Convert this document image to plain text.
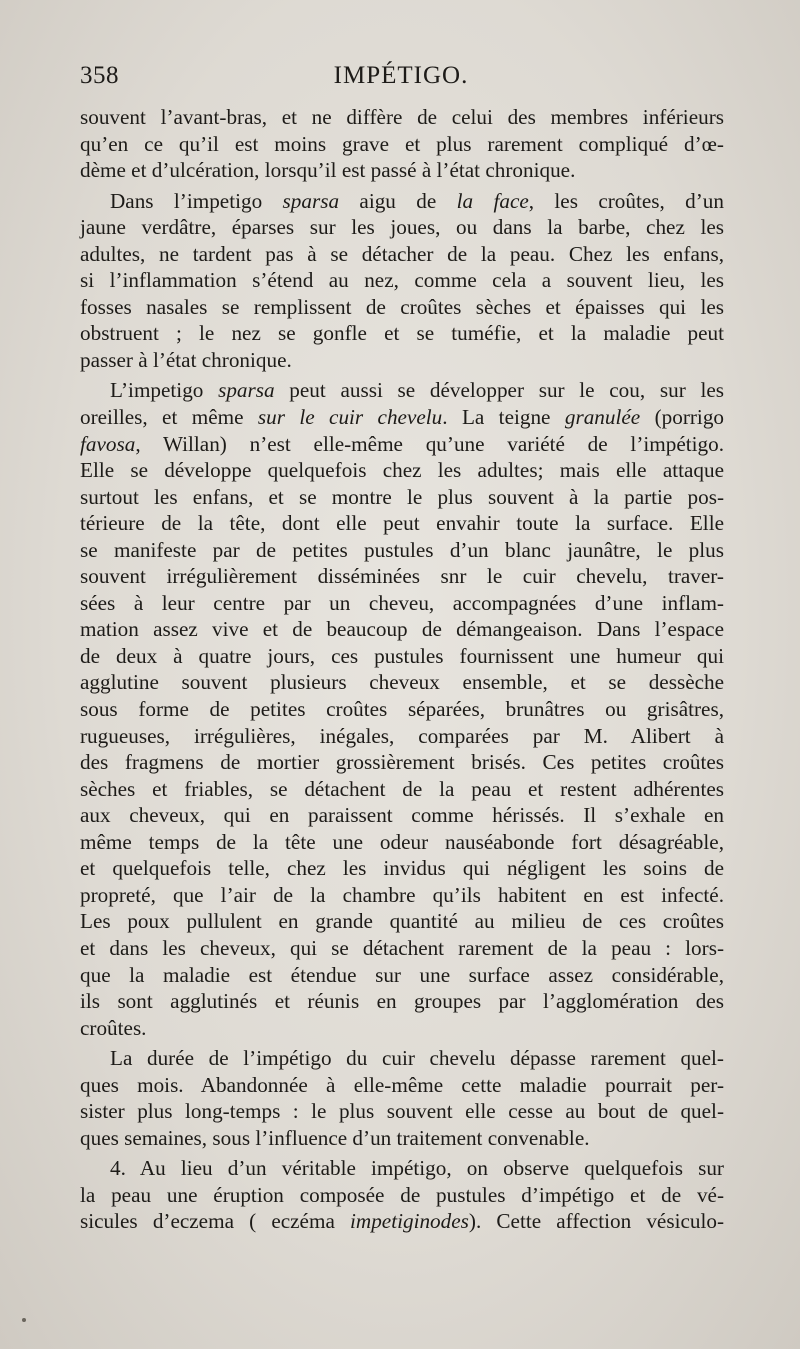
358	IMPÉTIGO.
souvent l’avant-bras, et ne diffère de celui des membres inférieurs
qu’en ce qu’il est moins grave et plus rarement compliqué d’œ-
dème et d’ulcération, lorsqu’il est passé à l’état chronique.
Dans l’impetigo sparsa aigu de la face, les croûtes, d’un
jaune verdâtre, éparses sur les joues, ou dans la barbe, chez les
adultes, ne tardent pas à se détacher de la peau. Chez les enfans,
si l’inflammation s’étend au nez, comme cela a souvent lieu, les
fosses nasales se remplissent de croûtes sèches et épaisses qui les
obstruent ; le nez se gonfle et se tuméfie, et la maladie peut
passer à l’état chronique.
L’impetigo sparsa peut aussi se développer sur le cou, sur les
oreilles, et même sur le cuir chevelu. La teigne granulée (porrigo
favosa, Willan) n’est elle-même qu’une variété de l’impétigo.
Elle se développe quelquefois chez les adultes; mais elle attaque
surtout les enfans, et se montre le plus souvent à la partie pos-
térieure de la tête, dont elle peut envahir toute la surface. Elle
se manifeste par de petites pustules d’un blanc jaunâtre, le plus
souvent irrégulièrement disséminées snr le cuir chevelu, traver-
sées à leur centre par un cheveu, accompagnées d’une inflam-
mation assez vive et de beaucoup de démangeaison. Dans l’espace
de deux à quatre jours, ces pustules fournissent une humeur qui
agglutine souvent plusieurs cheveux ensemble, et se dessèche
sous forme de petites croûtes séparées, brunâtres ou grisâtres,
rugueuses, irrégulières, inégales, comparées par M. Alibert à
des fragmens de mortier grossièrement brisés. Ces petites croûtes
sèches et friables, se détachent de la peau et restent adhérentes
aux cheveux, qui en paraissent comme hérissés. Il s’exhale en
même temps de la tête une odeur nauséabonde fort désagréable,
et quelquefois telle, chez les invidus qui négligent les soins de
propreté, que l’air de la chambre qu’ils habitent en est infecté.
Les poux pullulent en grande quantité au milieu de ces croûtes
et dans les cheveux, qui se détachent rarement de la peau : lors-
que la maladie est étendue sur une surface assez considérable,
ils sont agglutinés et réunis en groupes par l’agglomération des
croûtes.
La durée de l’impétigo du cuir chevelu dépasse rarement quel-
ques mois. Abandonnée à elle-même cette maladie pourrait per-
sister plus long-temps : le plus souvent elle cesse au bout de quel-
ques semaines, sous l’influence d’un traitement convenable.
4. Au lieu d’un véritable impétigo, on observe quelquefois sur
la peau une éruption composée de pustules d’impétigo et de vé-
sicules d’eczema ( eczéma impetiginodes). Cette affection vésiculo-
